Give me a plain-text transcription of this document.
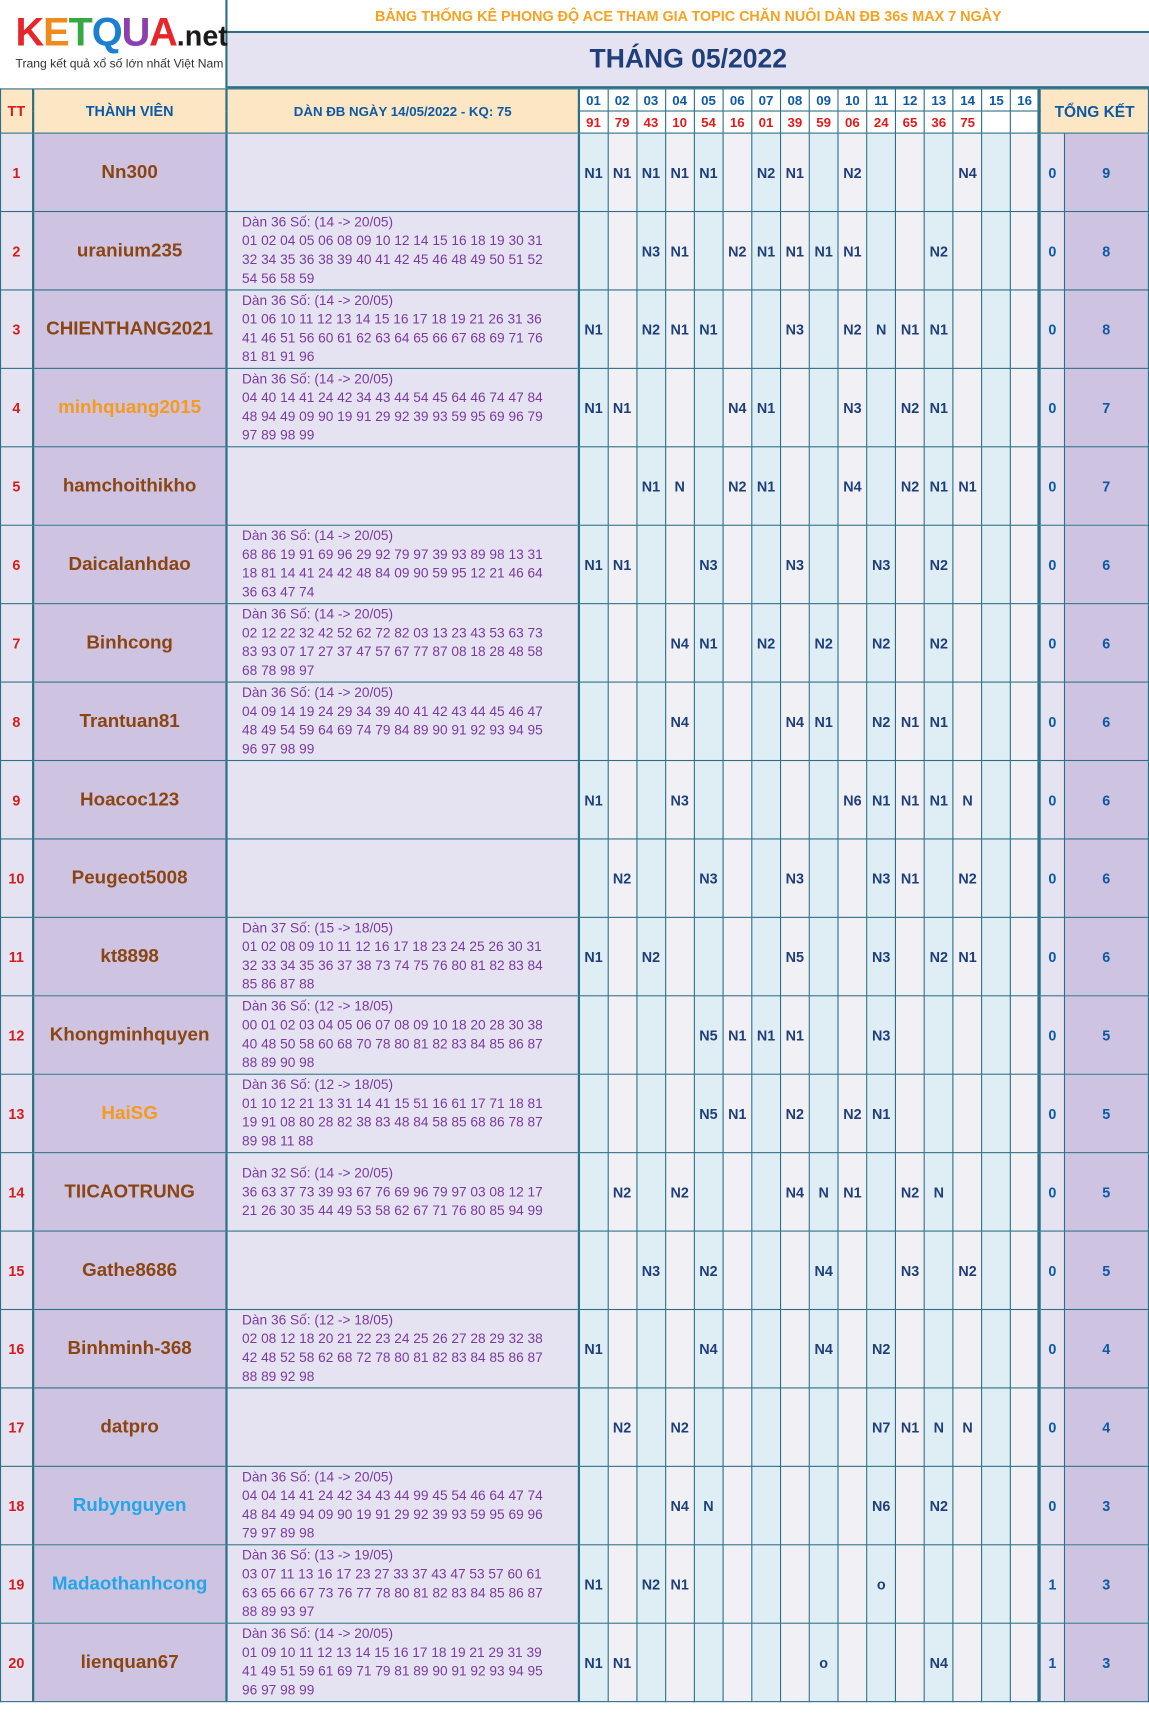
KETQUA.net
Trang kết quả xổ số lớn nhất Việt Nam
BẢNG THỐNG KÊ PHONG ĐỘ ACE THAM GIA TOPIC CHĂN NUÔI DÀN ĐB 36s MAX 7 NGÀY
THÁNG 05/2022
TT	THÀNH VIÊN	DÀN ĐB NGÀY 14/05/2022 - KQ: 75	01	02	03	04	05	06	07	08	09	10	11	12	13	14	15	16	TỔNG KẾT	
			91	79	43	10	54	16	01	39	59	06	24	65	36	75				
1	Nn300		N1	N1	N1	N1	N1		N2	N1		N2				N4			0	9
2	uranium235	Dàn 36 Số: (14 -> 20/05)
01 02 04 05 06 08 09 10 12 14 15 16 18 19 30 31
32 34 35 36 38 39 40 41 42 45 46 48 49 50 51 52
54 56 58 59			N3	N1		N2	N1	N1	N1	N1			N2				0	8
3	CHIENTHANG2021	Dàn 36 Số: (14 -> 20/05)
01 06 10 11 12 13 14 15 16 17 18 19 21 26 31 36
41 46 51 56 60 61 62 63 64 65 66 67 68 69 71 76
81 81 91 96	N1		N2	N1	N1			N3		N2	N	N1	N1				0	8
4	minhquang2015	Dàn 36 Số: (14 -> 20/05)
04 40 14 41 24 42 34 43 44 54 45 64 46 74 47 84
48 94 49 09 90 19 91 29 92 39 93 59 95 69 96 79
97 89 98 99	N1	N1				N4	N1			N3		N2	N1				0	7
5	hamchoithikho				N1	N		N2	N1			N4		N2	N1	N1			0	7
6	Daicalanhdao	Dàn 36 Số: (14 -> 20/05)
68 86 19 91 69 96 29 92 79 97 39 93 89 98 13 31
18 81 14 41 24 42 48 84 09 90 59 95 12 21 46 64
36 63 47 74	N1	N1			N3			N3			N3		N2				0	6
7	Binhcong	Dàn 36 Số: (14 -> 20/05)
02 12 22 32 42 52 62 72 82 03 13 23 43 53 63 73
83 93 07 17 27 37 47 57 67 77 87 08 18 28 48 58
68 78 98 97				N4	N1		N2		N2		N2		N2				0	6
8	Trantuan81	Dàn 36 Số: (14 -> 20/05)
04 09 14 19 24 29 34 39 40 41 42 43 44 45 46 47
48 49 54 59 64 69 74 79 84 89 90 91 92 93 94 95
96 97 98 99				N4				N4	N1		N2	N1	N1				0	6
9	Hoacoc123		N1			N3						N6	N1	N1	N1	N			0	6
10	Peugeot5008			N2			N3			N3			N3	N1		N2			0	6
11	kt8898	Dàn 37 Số: (15 -> 18/05)
01 02 08 09 10 11 12 16 17 18 23 24 25 26 30 31
32 33 34 35 36 37 38 73 74 75 76 80 81 82 83 84
85 86 87 88	N1		N2					N5			N3		N2	N1			0	6
12	Khongminhquyen	Dàn 36 Số: (12 -> 18/05)
00 01 02 03 04 05 06 07 08 09 10 18 20 28 30 38
40 48 50 58 60 68 70 78 80 81 82 83 84 85 86 87
88 89 90 98					N5	N1	N1	N1			N3						0	5
13	HaiSG	Dàn 36 Số: (12 -> 18/05)
01 10 12 21 13 31 14 41 15 51 16 61 17 71 18 81
19 91 08 80 28 82 38 83 48 84 58 85 68 86 78 87
89 98 11 88					N5	N1		N2		N2	N1						0	5
14	TIICAOTRUNG	Dàn 32 Số: (14 -> 20/05)
36 63 37 73 39 93 67 76 69 96 79 97 03 08 12 17
21 26 30 35 44 49 53 58 62 67 71 76 80 85 94 99		N2		N2				N4	N	N1		N2	N				0	5
15	Gathe8686				N3		N2				N4			N3		N2			0	5
16	Binhminh-368	Dàn 36 Số: (12 -> 18/05)
02 08 12 18 20 21 22 23 24 25 26 27 28 29 32 38
42 48 52 58 62 68 72 78 80 81 82 83 84 85 86 87
88 89 92 98	N1				N4				N4		N2						0	4
17	datpro			N2		N2							N7	N1	N	N			0	4
18	Rubynguyen	Dàn 36 Số: (14 -> 20/05)
04 04 14 41 24 42 34 43 44 99 45 54 46 64 47 74
48 84 49 94 09 90 19 91 29 92 39 93 59 95 69 96
79 97 89 98				N4	N						N6		N2				0	3
19	Madaothanhcong	Dàn 36 Số: (13 -> 19/05)
03 07 11 13 16 17 23 27 33 37 43 47 53 57 60 61
63 65 66 67 73 76 77 78 80 81 82 83 84 85 86 87
88 89 93 97	N1		N2	N1							o						1	3
20	lienquan67	Dàn 36 Số: (14 -> 20/05)
01 09 10 11 12 13 14 15 16 17 18 19 21 29 31 39
41 49 51 59 61 69 71 79 81 89 90 91 92 93 94 95
96 97 98 99	N1	N1							o				N4				1	3
